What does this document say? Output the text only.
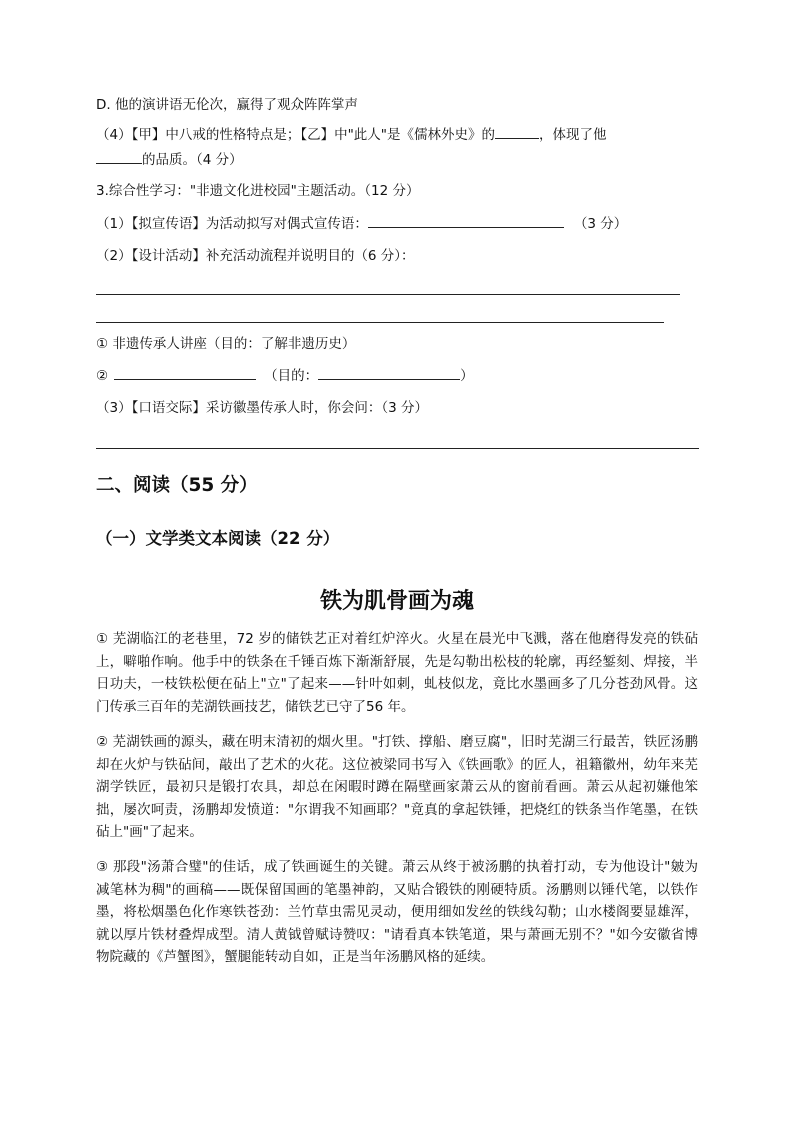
D. 他的演讲语无伦次，赢得了观众阵阵掌声
（4）【甲】中八戒的性格特点是；【乙】中"此人"是《儒林外史》的	，体现了他
的品质。（4 分）
3.综合性学习："非遗文化进校园"主题活动。（12 分）
（1）【拟宣传语】为活动拟写对偶式宣传语：	（3 分）
（2）【设计活动】补充活动流程并说明目的（6 分）：
① 非遗传承人讲座（目的：了解非遗历史）
②	（目的：	）
（3）【口语交际】采访徽墨传承人时，你会问：（3 分）
二、阅读（55 分）
（一）文学类文本阅读（22 分）
铁为肌骨画为魂
① 芜湖临江的老巷里，72 岁的储铁艺正对着红炉淬火。火星在晨光中飞溅，落在他磨得发亮的铁砧上，噼啪作响。他手中的铁条在千锤百炼下渐渐舒展，先是勾勒出松枝的轮廓，再经錾刻、焊接，半日功夫，一枝铁松便在砧上"立"了起来——针叶如刺，虬枝似龙，竟比水墨画多了几分苍劲风骨。这门传承三百年的芜湖铁画技艺，储铁艺已守了56 年。
② 芜湖铁画的源头，藏在明末清初的烟火里。"打铁、撑船、磨豆腐"，旧时芜湖三行最苦，铁匠汤鹏却在火炉与铁砧间，敲出了艺术的火花。这位被梁同书写入《铁画歌》的匠人，祖籍徽州，幼年来芜湖学铁匠，最初只是锻打农具，却总在闲暇时蹲在隔壁画家萧云从的窗前看画。萧云从起初嫌他笨拙，屡次呵责，汤鹏却发愤道："尔谓我不知画耶？"竟真的拿起铁锤，把烧红的铁条当作笔墨，在铁砧上"画"了起来。
③ 那段"汤萧合璧"的佳话，成了铁画诞生的关键。萧云从终于被汤鹏的执着打动，专为他设计"皴为减笔林为稠"的画稿——既保留国画的笔墨神韵，又贴合锻铁的刚硬特质。汤鹏则以锤代笔，以铁作墨，将松烟墨色化作寒铁苍劲：兰竹草虫需见灵动，便用细如发丝的铁线勾勒；山水楼阁要显雄浑，就以厚片铁材叠焊成型。清人黄钺曾赋诗赞叹："请看真本铁笔道，果与萧画无别不？"如今安徽省博物院藏的《芦蟹图》，蟹腿能转动自如，正是当年汤鹏风格的延续。
